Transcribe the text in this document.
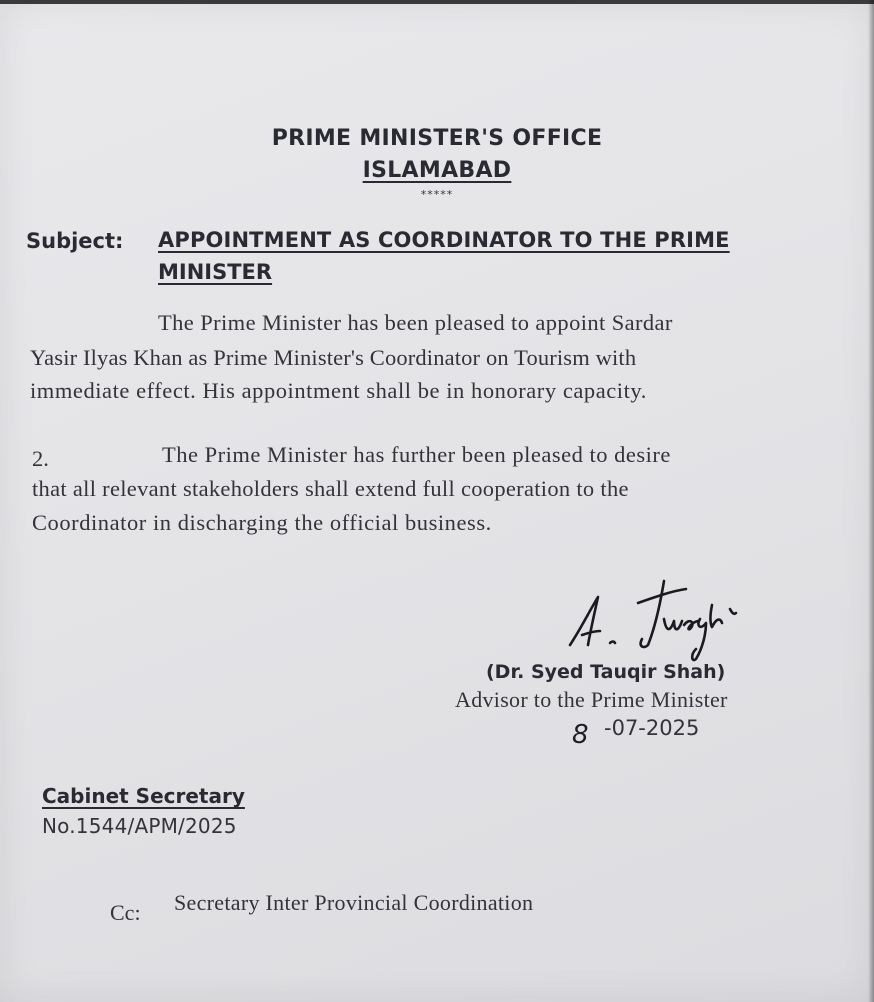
PRIME MINISTER'S OFFICE
ISLAMABAD
*****
Subject: APPOINTMENT AS COORDINATOR TO THE PRIME
MINISTER
The Prime Minister has been pleased to appoint Sardar
Yasir Ilyas Khan as Prime Minister's Coordinator on Tourism with
immediate effect. His appointment shall be in honorary capacity.
2.	The Prime Minister has further been pleased to desire
that all relevant stakeholders shall extend full cooperation to the
Coordinator in discharging the official business.
(Dr. Syed Tauqir Shah)
Advisor to the Prime Minister
8 -07-2025
Cabinet Secretary
No.1544/APM/2025
Cc: Secretary Inter Provincial Coordination
